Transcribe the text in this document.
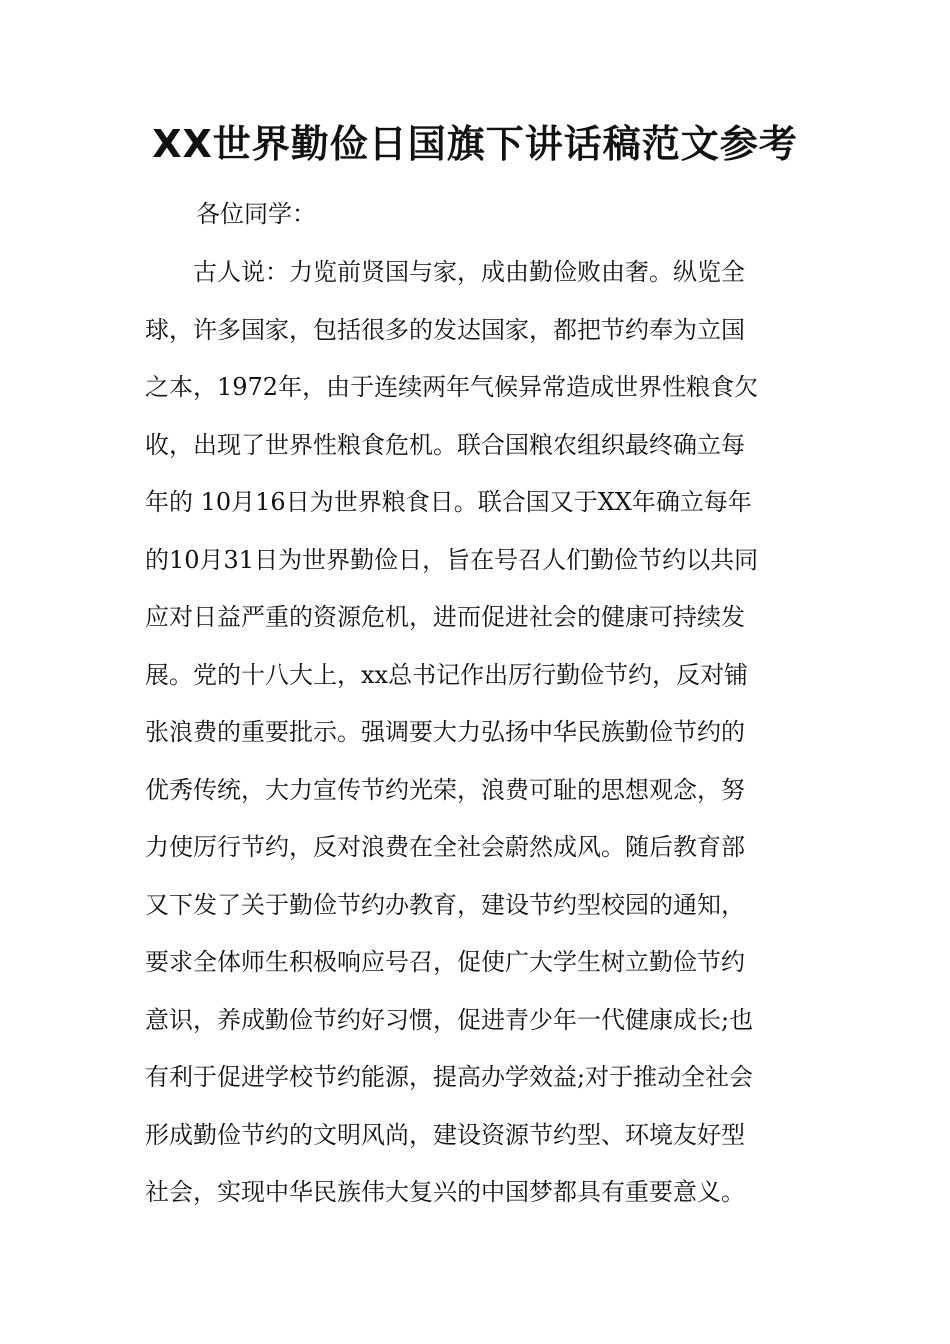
XX世界勤俭日国旗下讲话稿范文参考

各位同学：

　　古人说：力览前贤国与家，成由勤俭败由奢。纵览全
球，许多国家，包括很多的发达国家，都把节约奉为立国
之本，1972年，由于连续两年气候异常造成世界性粮食欠
收，出现了世界性粮食危机。联合国粮农组织最终确立每
年的 10月16日为世界粮食日。联合国又于XX年确立每年
的10月31日为世界勤俭日，旨在号召人们勤俭节约以共同
应对日益严重的资源危机，进而促进社会的健康可持续发
展。党的十八大上，xx总书记作出厉行勤俭节约，反对铺
张浪费的重要批示。强调要大力弘扬中华民族勤俭节约的
优秀传统，大力宣传节约光荣，浪费可耻的思想观念，努
力使厉行节约，反对浪费在全社会蔚然成风。随后教育部
又下发了关于勤俭节约办教育，建设节约型校园的通知，
要求全体师生积极响应号召，促使广大学生树立勤俭节约
意识，养成勤俭节约好习惯，促进青少年一代健康成长;也
有利于促进学校节约能源，提高办学效益;对于推动全社会
形成勤俭节约的文明风尚，建设资源节约型、环境友好型
社会，实现中华民族伟大复兴的中国梦都具有重要意义。
